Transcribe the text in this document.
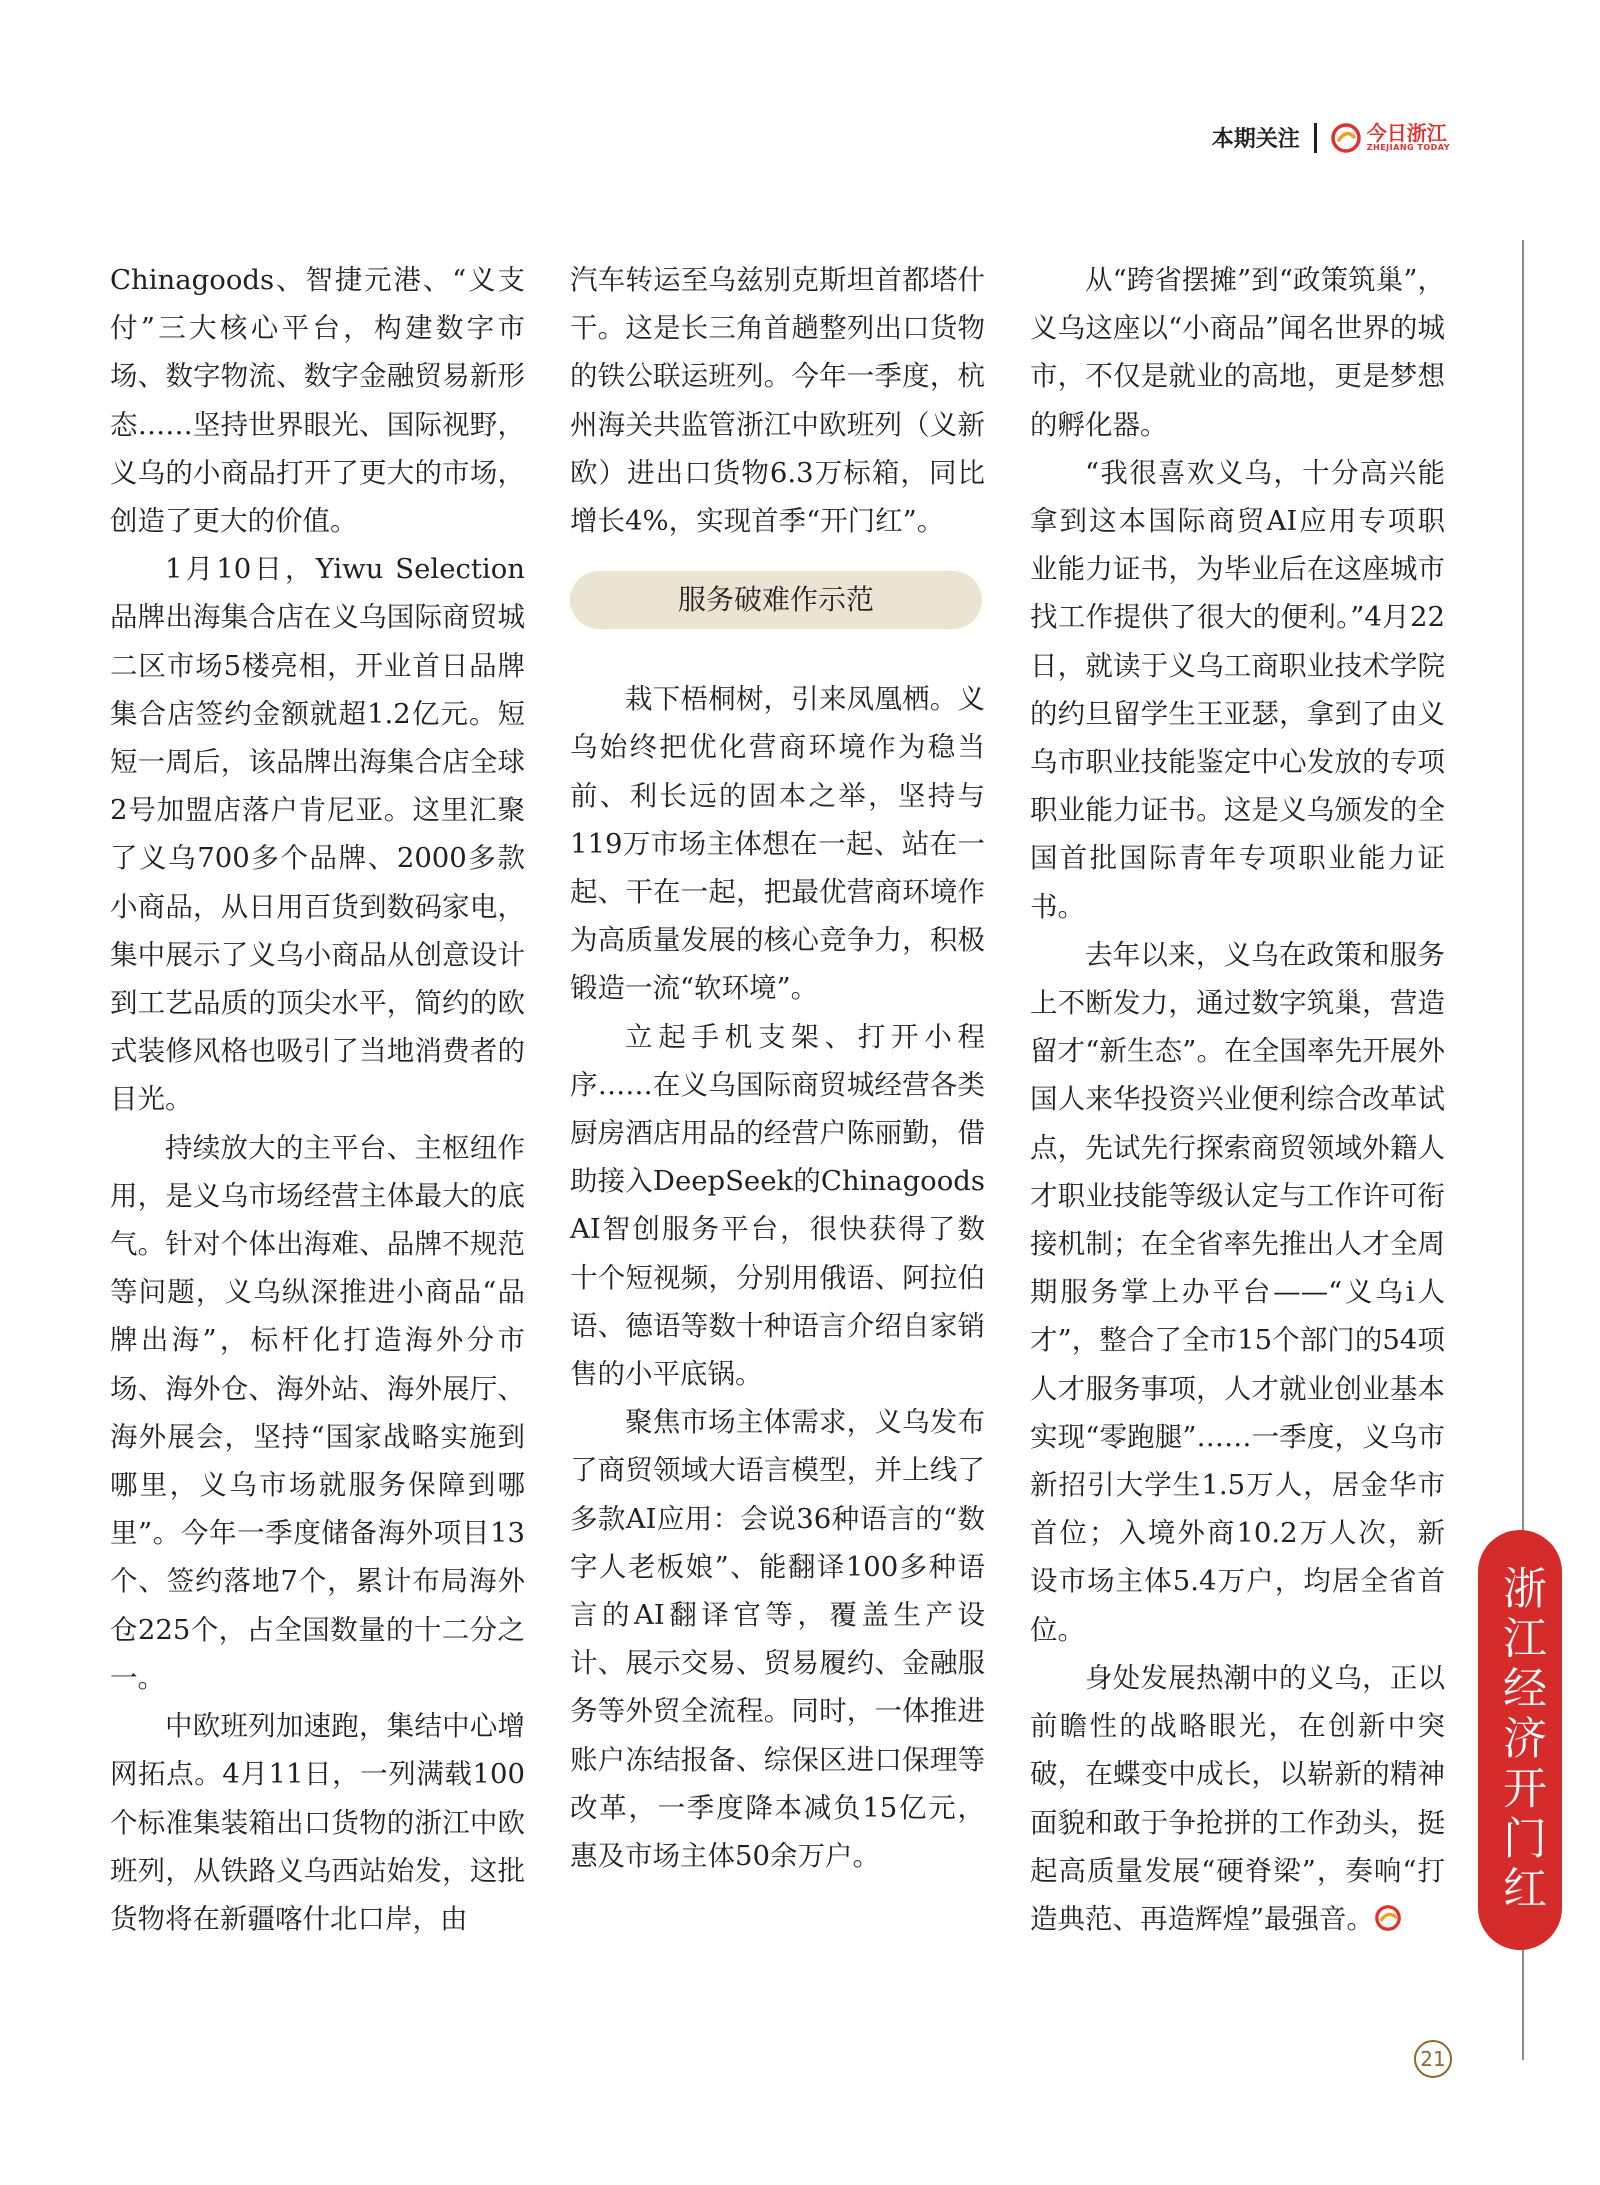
本期关注	今日浙江
ZHEJIANG TODAY

Chinagoods、智捷元港、“义支付”三大核心平台，构建数字市场、数字物流、数字金融贸易新形态……坚持世界眼光、国际视野，义乌的小商品打开了更大的市场，创造了更大的价值。

1月10日，Yiwu Selection品牌出海集合店在义乌国际商贸城二区市场5楼亮相，开业首日品牌集合店签约金额就超1.2亿元。短短一周后，该品牌出海集合店全球2号加盟店落户肯尼亚。这里汇聚了义乌700多个品牌、2000多款小商品，从日用百货到数码家电，集中展示了义乌小商品从创意设计到工艺品质的顶尖水平，简约的欧式装修风格也吸引了当地消费者的目光。

持续放大的主平台、主枢纽作用，是义乌市场经营主体最大的底气。针对个体出海难、品牌不规范等问题，义乌纵深推进小商品“品牌出海”，标杆化打造海外分市场、海外仓、海外站、海外展厅、海外展会，坚持“国家战略实施到哪里，义乌市场就服务保障到哪里”。今年一季度储备海外项目13个、签约落地7个，累计布局海外仓225个，占全国数量的十二分之一。

中欧班列加速跑，集结中心增网拓点。4月11日，一列满载100个标准集装箱出口货物的浙江中欧班列，从铁路义乌西站始发，这批货物将在新疆喀什北口岸，由

汽车转运至乌兹别克斯坦首都塔什干。这是长三角首趟整列出口货物的铁公联运班列。今年一季度，杭州海关共监管浙江中欧班列（义新欧）进出口货物6.3万标箱，同比增长4%，实现首季“开门红”。

服务破难作示范

栽下梧桐树，引来凤凰栖。义乌始终把优化营商环境作为稳当前、利长远的固本之举，坚持与119万市场主体想在一起、站在一起、干在一起，把最优营商环境作为高质量发展的核心竞争力，积极锻造一流“软环境”。

立起手机支架、打开小程序……在义乌国际商贸城经营各类厨房酒店用品的经营户陈丽勤，借助接入DeepSeek的Chinagoods AI智创服务平台，很快获得了数十个短视频，分别用俄语、阿拉伯语、德语等数十种语言介绍自家销售的小平底锅。

聚焦市场主体需求，义乌发布了商贸领域大语言模型，并上线了多款AI应用：会说36种语言的“数字人老板娘”、能翻译100多种语言的AI翻译官等，覆盖生产设计、展示交易、贸易履约、金融服务等外贸全流程。同时，一体推进账户冻结报备、综保区进口保理等改革，一季度降本减负15亿元，惠及市场主体50余万户。

从“跨省摆摊”到“政策筑巢”，义乌这座以“小商品”闻名世界的城市，不仅是就业的高地，更是梦想的孵化器。

“我很喜欢义乌，十分高兴能拿到这本国际商贸AI应用专项职业能力证书，为毕业后在这座城市找工作提供了很大的便利。”4月22日，就读于义乌工商职业技术学院的约旦留学生王亚瑟，拿到了由义乌市职业技能鉴定中心发放的专项职业能力证书。这是义乌颁发的全国首批国际青年专项职业能力证书。

去年以来，义乌在政策和服务上不断发力，通过数字筑巢，营造留才“新生态”。在全国率先开展外国人来华投资兴业便利综合改革试点，先试先行探索商贸领域外籍人才职业技能等级认定与工作许可衔接机制；在全省率先推出人才全周期服务掌上办平台——“义乌i人才”，整合了全市15个部门的54项人才服务事项，人才就业创业基本实现“零跑腿”……一季度，义乌市新招引大学生1.5万人，居金华市首位；入境外商10.2万人次，新设市场主体5.4万户，均居全省首位。

身处发展热潮中的义乌，正以前瞻性的战略眼光，在创新中突破，在蝶变中成长，以崭新的精神面貌和敢于争抢拼的工作劲头，挺起高质量发展“硬脊梁”，奏响“打造典范、再造辉煌”最强音。

浙江经济开门红
21
